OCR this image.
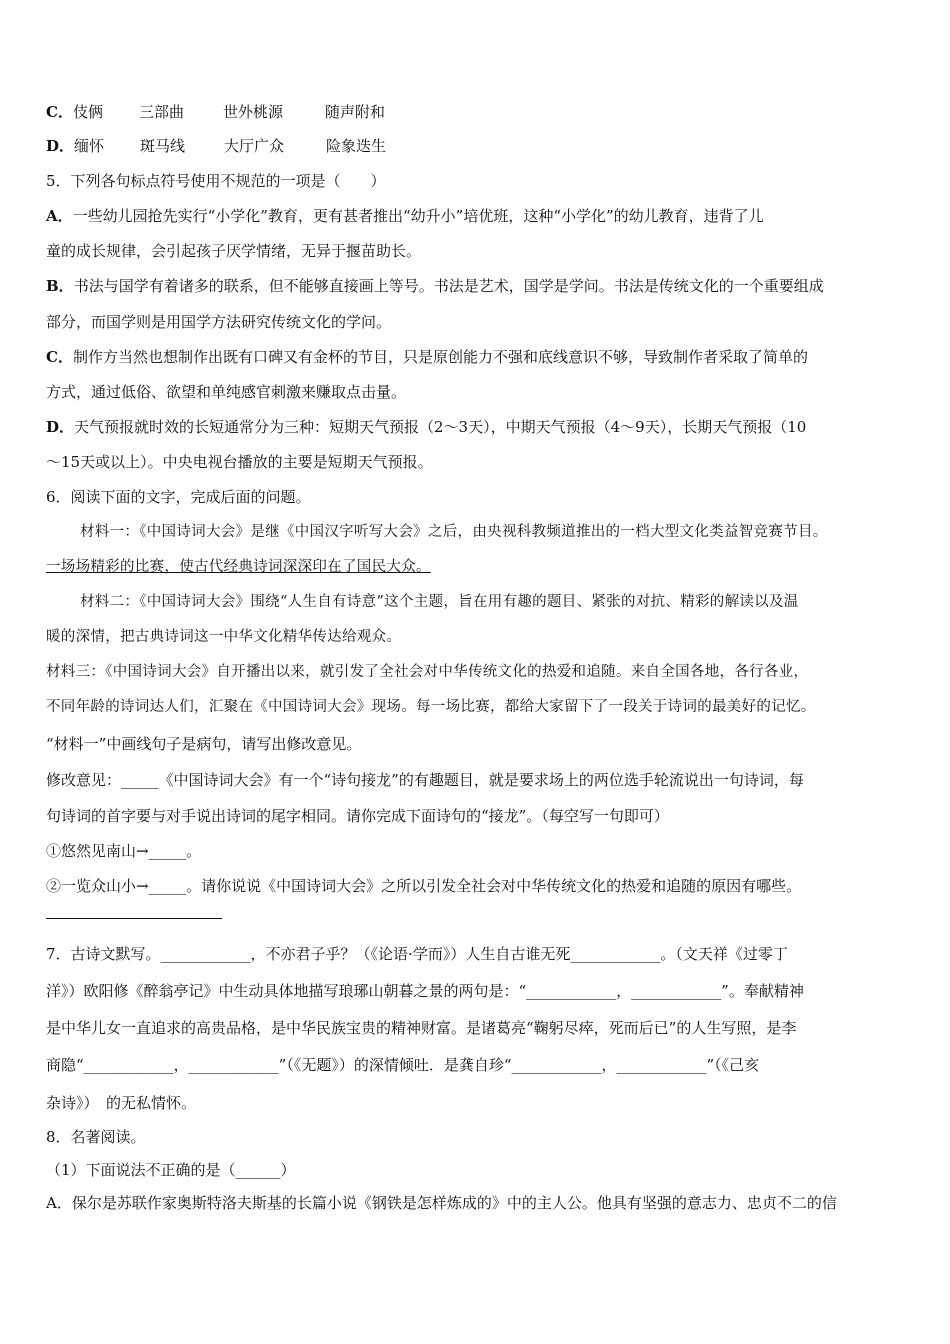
C．伎俩 三部曲	世外桃源	随声附和
D．缅怀 斑马线	大厅广众	险象迭生
5．下列各句标点符号使用不规范的一项是（　　）
A．一些幼儿园抢先实行“小学化”教育，更有甚者推出“幼升小”培优班，这种“小学化”的幼儿教育，违背了儿
童的成长规律，会引起孩子厌学情绪，无异于揠苗助长。
B．书法与国学有着诸多的联系，但不能够直接画上等号。书法是艺术，国学是学问。书法是传统文化的一个重要组成
部分，而国学则是用国学方法研究传统文化的学问。
C．制作方当然也想制作出既有口碑又有金杯的节目，只是原创能力不强和底线意识不够，导致制作者采取了简单的
方式，通过低俗、欲望和单纯感官刺激来赚取点击量。
D．天气预报就时效的长短通常分为三种：短期天气预报（2～3天），中期天气预报（4～9天），长期天气预报（10
～15天或以上）。中央电视台播放的主要是短期天气预报。
6．阅读下面的文字，完成后面的问题。
材料一：《中国诗词大会》是继《中国汉字听写大会》之后，由央视科教频道推出的一档大型文化类益智竞赛节目。
一场场精彩的比赛，使古代经典诗词深深印在了国民大众。
材料二：《中国诗词大会》围绕“人生自有诗意”这个主题，旨在用有趣的题目、紧张的对抗、精彩的解读以及温
暖的深情，把古典诗词这一中华文化精华传达给观众。
材料三：《中国诗词大会》自开播出以来，就引发了全社会对中华传统文化的热爱和追随。来自全国各地，各行各业，
不同年龄的诗词达人们，汇聚在《中国诗词大会》现场。每一场比赛，都给大家留下了一段关于诗词的最美好的记忆。
“材料一”中画线句子是病句，请写出修改意见。
修改意见：_____《中国诗词大会》有一个“诗句接龙”的有趣题目，就是要求场上的两位选手轮流说出一句诗词，每
句诗词的首字要与对手说出诗词的尾字相同。请你完成下面诗句的“接龙”。（每空写一句即可）
①悠然见南山→_____。
②一览众山小→_____。请你说说《中国诗词大会》之所以引发全社会对中华传统文化的热爱和追随的原因有哪些。
7．古诗文默写。____________，不亦君子乎？（《论语·学而》）人生自古谁无死____________。（文天祥《过零丁
洋》）欧阳修《醉翁亭记》中生动具体地描写琅琊山朝暮之景的两句是：“____________，____________”。奉献精神
是中华儿女一直追求的高贵品格，是中华民族宝贵的精神财富。是诸葛亮“鞠躬尽瘁，死而后已”的人生写照，是李
商隐“____________，____________”（《无题》）的深情倾吐．是龚自珍“____________，____________”（《己亥
杂诗》）　的无私情怀。
8．名著阅读。
（1）下面说法不正确的是（______）
A．保尔是苏联作家奥斯特洛夫斯基的长篇小说《钢铁是怎样炼成的》中的主人公。他具有坚强的意志力、忠贞不二的信
